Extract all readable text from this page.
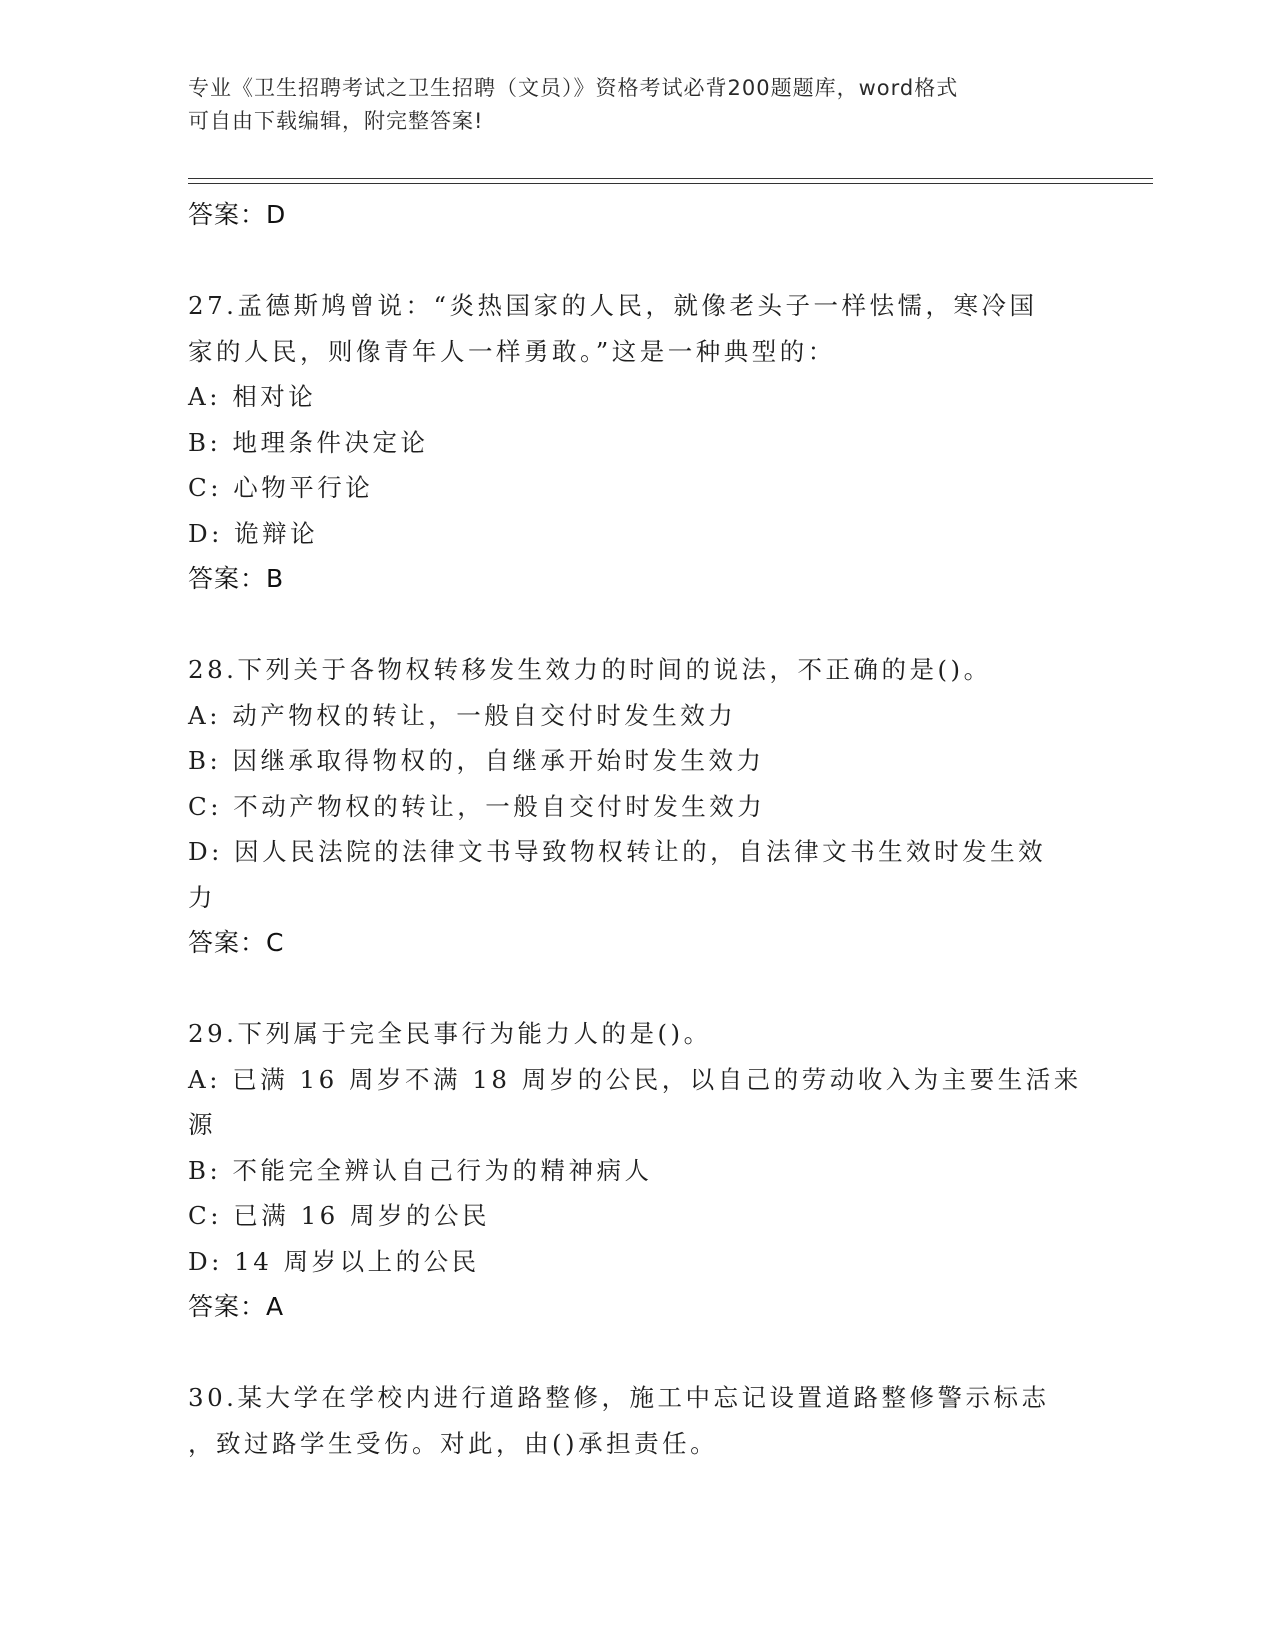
专业《卫生招聘考试之卫生招聘（文员）》资格考试必背200题题库，word格式
可自由下载编辑，附完整答案!
答案：D
27.孟德斯鸠曾说：“炎热国家的人民，就像老头子一样怯懦，寒冷国
家的人民，则像青年人一样勇敢。”这是一种典型的：
A: 相对论
B: 地理条件决定论
C: 心物平行论
D: 诡辩论
答案：B
28.下列关于各物权转移发生效力的时间的说法，不正确的是()。
A: 动产物权的转让，一般自交付时发生效力
B: 因继承取得物权的，自继承开始时发生效力
C: 不动产物权的转让，一般自交付时发生效力
D: 因人民法院的法律文书导致物权转让的，自法律文书生效时发生效
力
答案：C
29.下列属于完全民事行为能力人的是()。
A: 已满 16 周岁不满 18 周岁的公民，以自己的劳动收入为主要生活来
源
B: 不能完全辨认自己行为的精神病人
C: 已满 16 周岁的公民
D: 14 周岁以上的公民
答案：A
30.某大学在学校内进行道路整修，施工中忘记设置道路整修警示标志
，致过路学生受伤。对此，由()承担责任。
